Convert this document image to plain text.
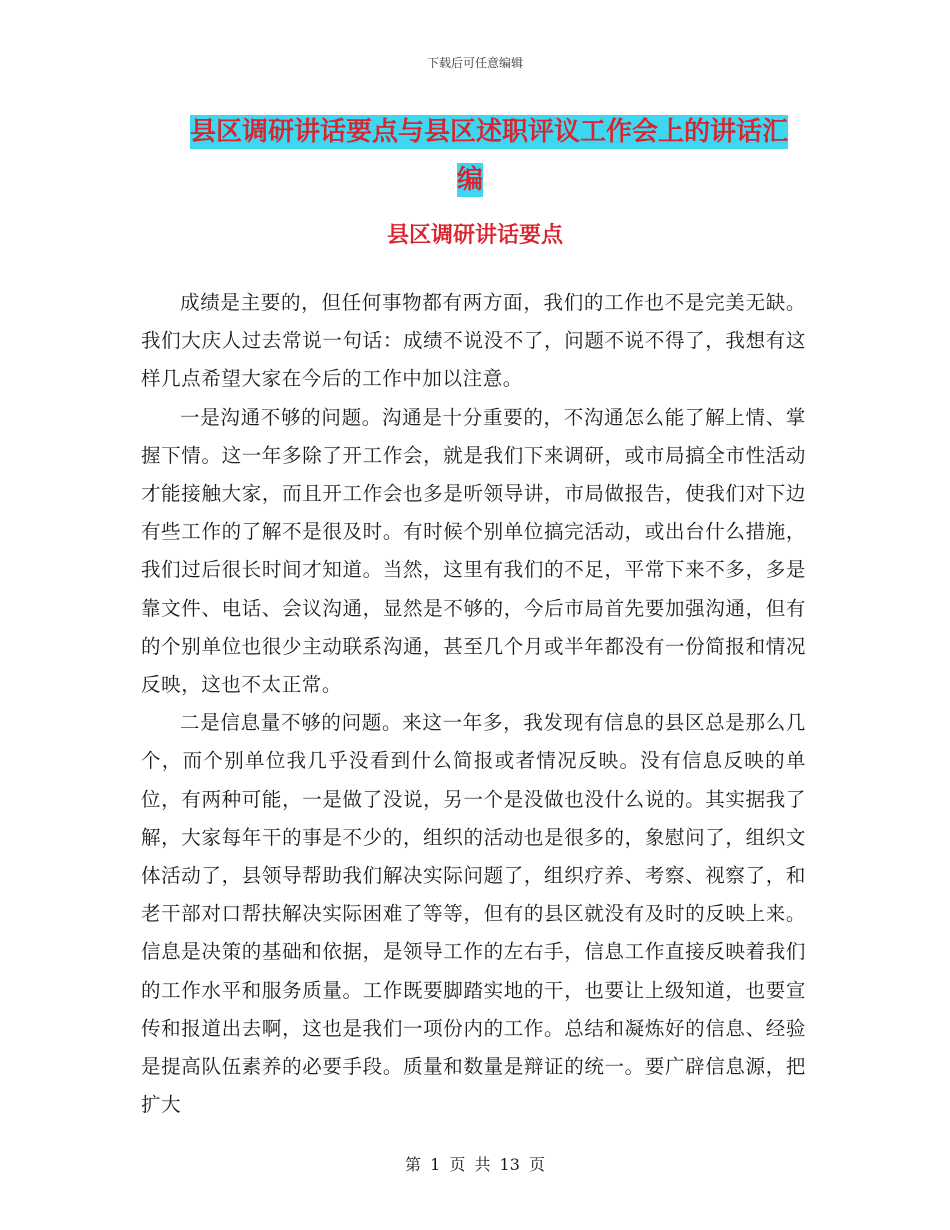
下载后可任意编辑
县区调研讲话要点与县区述职评议工作会上的讲话汇
编
县区调研讲话要点

成绩是主要的，但任何事物都有两方面，我们的工作也不是完美无缺。我们大庆人过去常说一句话：成绩不说没不了，问题不说不得了，我想有这样几点希望大家在今后的工作中加以注意。

一是沟通不够的问题。沟通是十分重要的，不沟通怎么能了解上情、掌握下情。这一年多除了开工作会，就是我们下来调研，或市局搞全市性活动才能接触大家，而且开工作会也多是听领导讲，市局做报告，使我们对下边有些工作的了解不是很及时。有时候个别单位搞完活动，或出台什么措施，我们过后很长时间才知道。当然，这里有我们的不足，平常下来不多，多是靠文件、电话、会议沟通，显然是不够的，今后市局首先要加强沟通，但有的个别单位也很少主动联系沟通，甚至几个月或半年都没有一份简报和情况反映，这也不太正常。

二是信息量不够的问题。来这一年多，我发现有信息的县区总是那么几个，而个别单位我几乎没看到什么简报或者情况反映。没有信息反映的单位，有两种可能，一是做了没说，另一个是没做也没什么说的。其实据我了解，大家每年干的事是不少的，组织的活动也是很多的，象慰问了，组织文体活动了，县领导帮助我们解决实际问题了，组织疗养、考察、视察了，和老干部对口帮扶解决实际困难了等等，但有的县区就没有及时的反映上来。信息是决策的基础和依据，是领导工作的左右手，信息工作直接反映着我们的工作水平和服务质量。工作既要脚踏实地的干，也要让上级知道，也要宣传和报道出去啊，这也是我们一项份内的工作。总结和凝炼好的信息、经验是提高队伍素养的必要手段。质量和数量是辩证的统一。要广辟信息源，把扩大

第 1 页 共 13 页
